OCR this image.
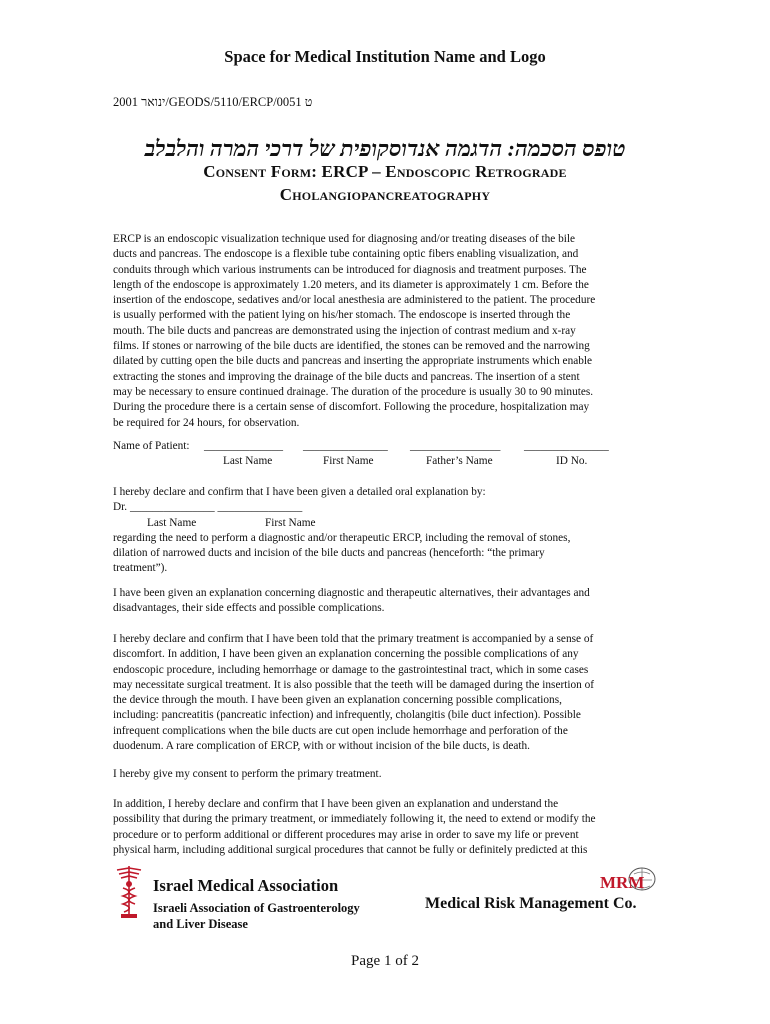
Space for Medical Institution Name and Logo
2001 ינואר/GEODS/5110/ERCP/0051 ט
טופס הסכמה: הדגמה אנדוסקופית של דרכי המרה והלבלב
Consent Form: ERCP – Endoscopic Retrograde
Cholangiopancreatography
ERCP is an endoscopic visualization technique used for diagnosing and/or treating diseases of the bile
ducts and pancreas. The endoscope is a flexible tube containing optic fibers enabling visualization, and
conduits through which various instruments can be introduced for diagnosis and treatment purposes. The
length of the endoscope is approximately 1.20 meters, and its diameter is approximately 1 cm. Before the
insertion of the endoscope, sedatives and/or local anesthesia are administered to the patient. The procedure
is usually performed with the patient lying on his/her stomach. The endoscope is inserted through the
mouth. The bile ducts and pancreas are demonstrated using the injection of contrast medium and x-ray
films. If stones or narrowing of the bile ducts are identified, the stones can be removed and the narrowing
dilated by cutting open the bile ducts and pancreas and inserting the appropriate instruments which enable
extracting the stones and improving the drainage of the bile ducts and pancreas. The insertion of a stent
may be necessary to ensure continued drainage. The duration of the procedure is usually 30 to 90 minutes.
During the procedure there is a certain sense of discomfort. Following the procedure, hospitalization may
be required for 24 hours, for observation.
Name of Patient: ______________ _______________ ________________ _______________
Last Name	First Name	Father’s Name	ID No.
I hereby declare and confirm that I have been given a detailed oral explanation by:
Dr. _______________ _______________
Last Name	First Name
regarding the need to perform a diagnostic and/or therapeutic ERCP, including the removal of stones,
dilation of narrowed ducts and incision of the bile ducts and pancreas (henceforth: “the primary
treatment”).
I have been given an explanation concerning diagnostic and therapeutic alternatives, their advantages and
disadvantages, their side effects and possible complications.
I hereby declare and confirm that I have been told that the primary treatment is accompanied by a sense of
discomfort. In addition, I have been given an explanation concerning the possible complications of any
endoscopic procedure, including hemorrhage or damage to the gastrointestinal tract, which in some cases
may necessitate surgical treatment. It is also possible that the teeth will be damaged during the insertion of
the device through the mouth. I have been given an explanation concerning possible complications,
including: pancreatitis (pancreatic infection) and infrequently, cholangitis (bile duct infection). Possible
infrequent complications when the bile ducts are cut open include hemorrhage and perforation of the
duodenum. A rare complication of ERCP, with or without incision of the bile ducts, is death.
I hereby give my consent to perform the primary treatment.
In addition, I hereby declare and confirm that I have been given an explanation and understand the
possibility that during the primary treatment, or immediately following it, the need to extend or modify the
procedure or to perform additional or different procedures may arise in order to save my life or prevent
physical harm, including additional surgical procedures that cannot be fully or definitely predicted at this
Israel Medical Association
Israeli Association of Gastroenterology
and Liver Disease
MRM
Medical Risk Management Co.
Page 1 of 2
